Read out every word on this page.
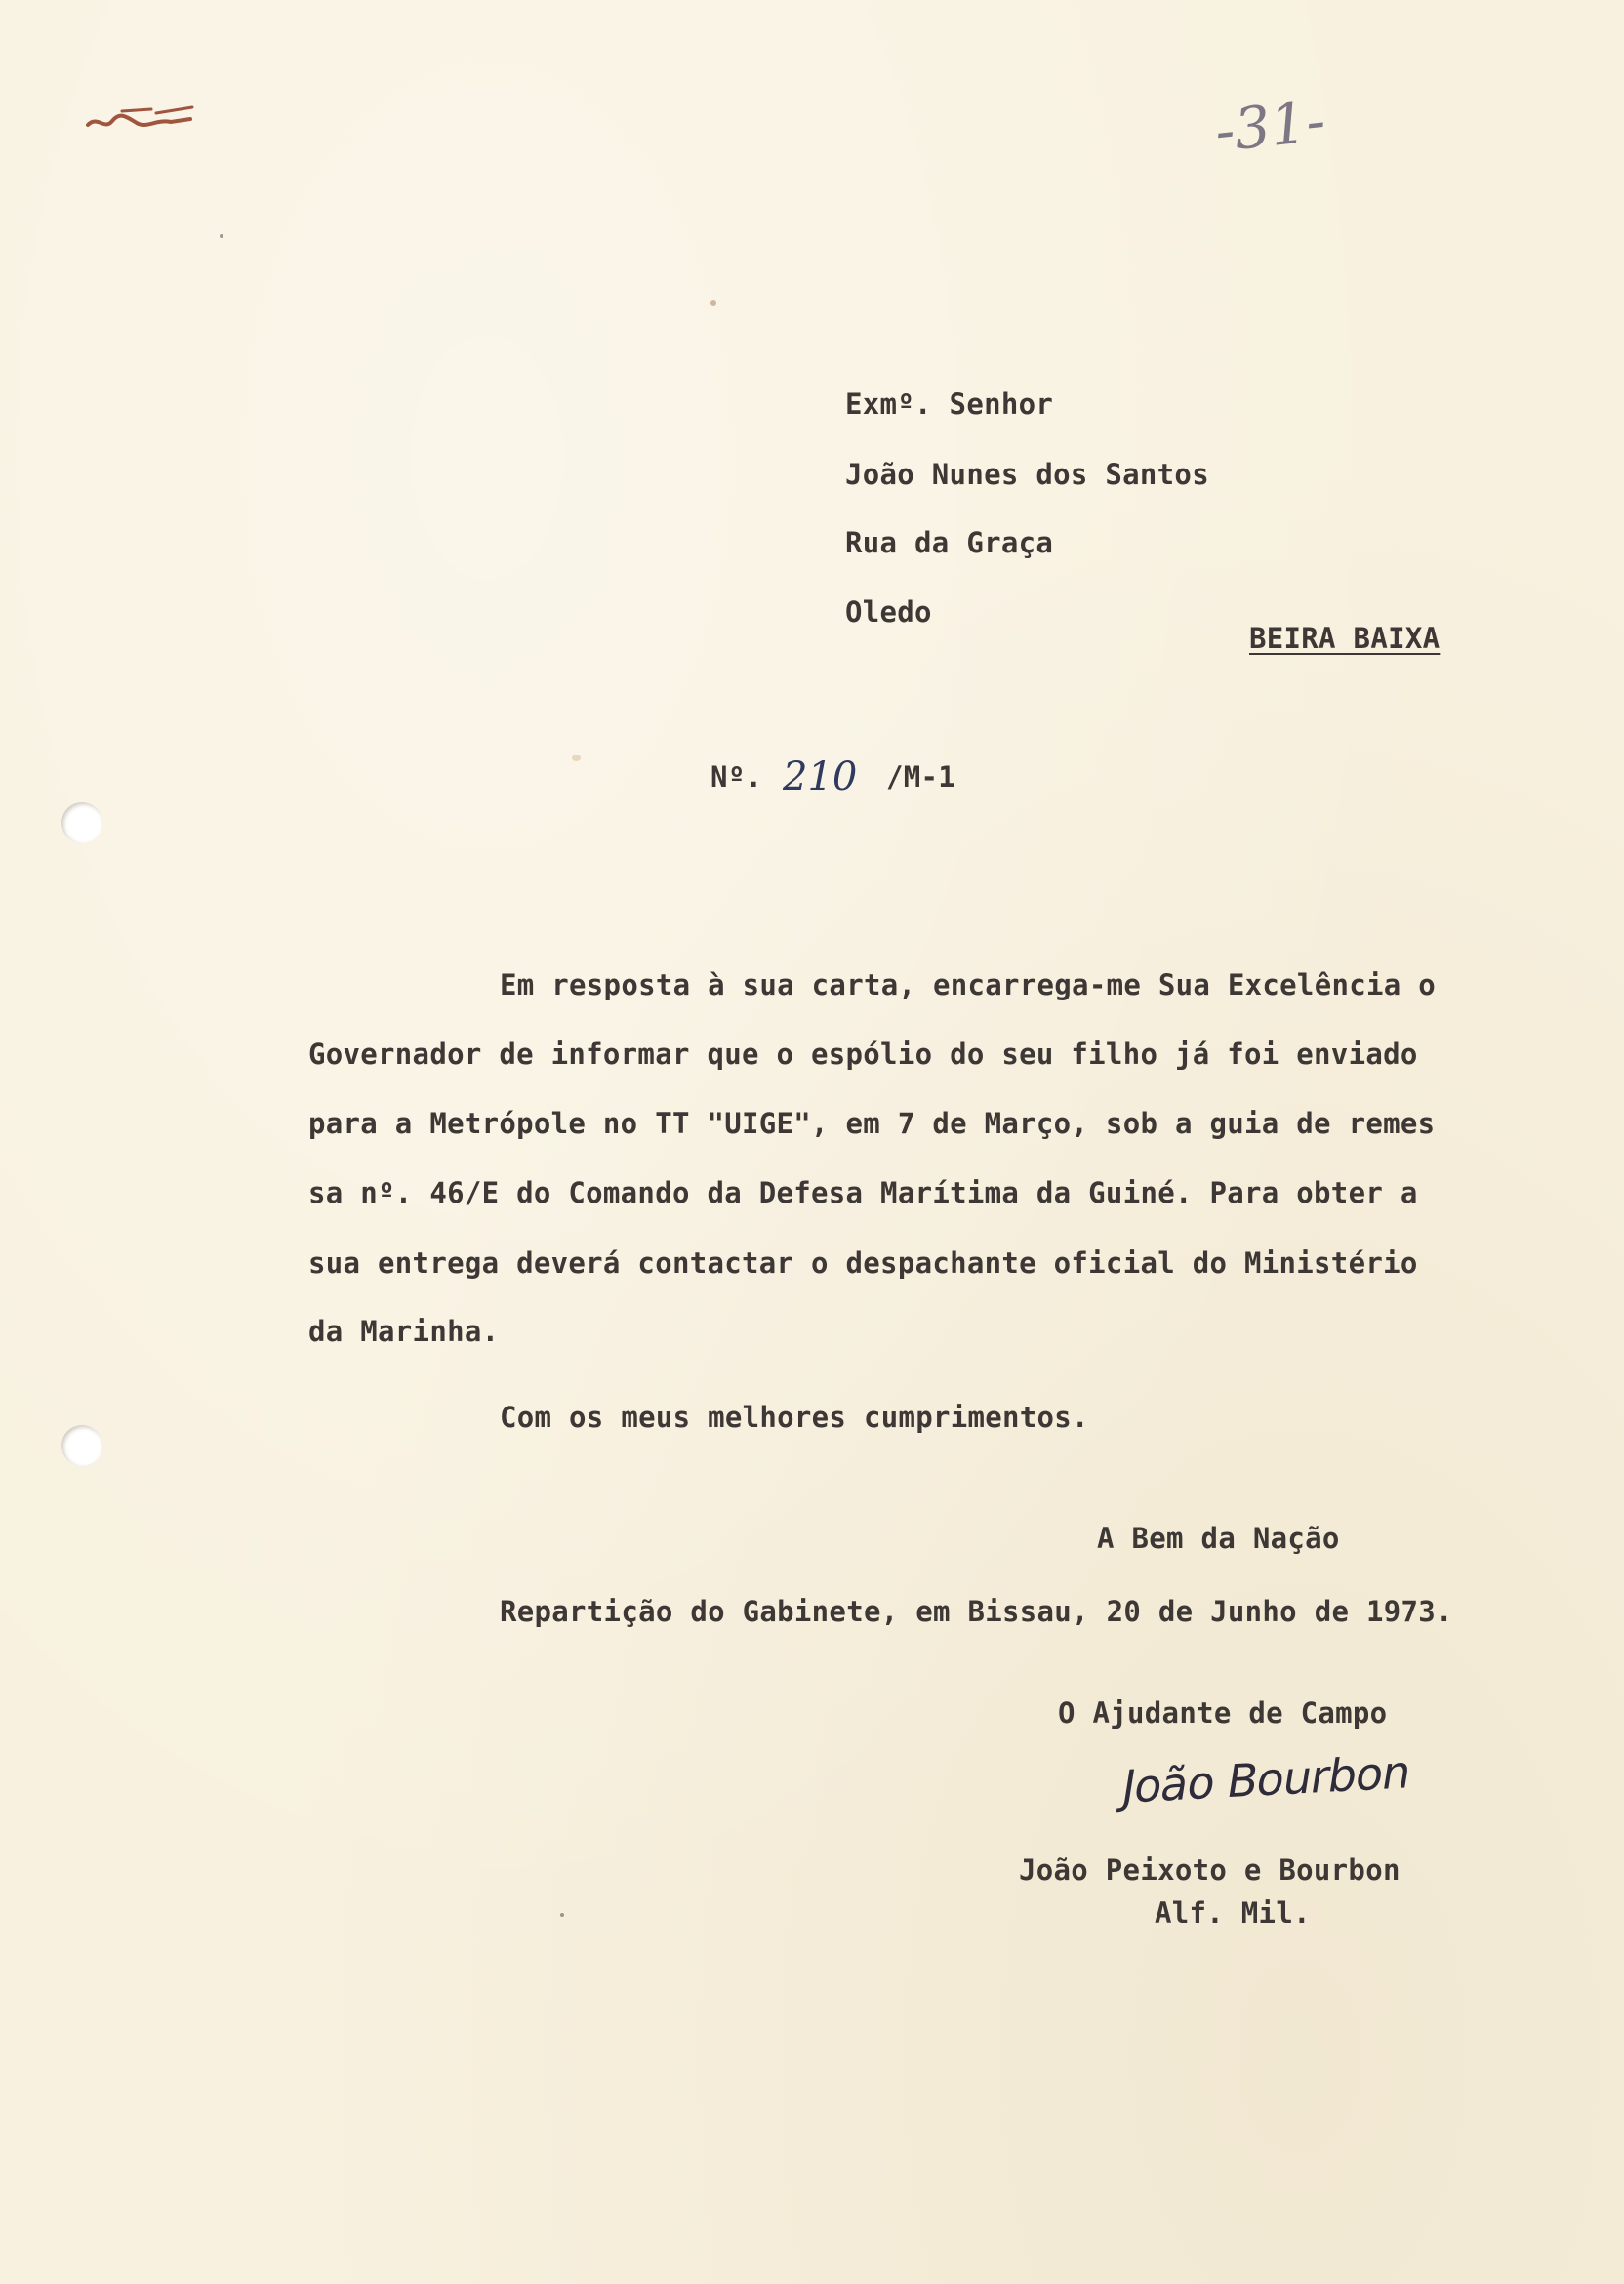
-31-
Exmº. Senhor
João Nunes dos Santos
Rua da Graça
Oledo
BEIRA BAIXA
Nº. 210 /M-1
Em resposta à sua carta, encarrega-me Sua Excelência o
Governador de informar que o espólio do seu filho já foi enviado
para a Metrópole no TT "UIGE", em 7 de Março, sob a guia de remes
sa nº. 46/E do Comando da Defesa Marítima da Guiné. Para obter a
sua entrega deverá contactar o despachante oficial do Ministério
da Marinha.
Com os meus melhores cumprimentos.
A Bem da Nação
Repartição do Gabinete, em Bissau, 20 de Junho de 1973.
O Ajudante de Campo
João Bourbon
João Peixoto e Bourbon
Alf. Mil.
